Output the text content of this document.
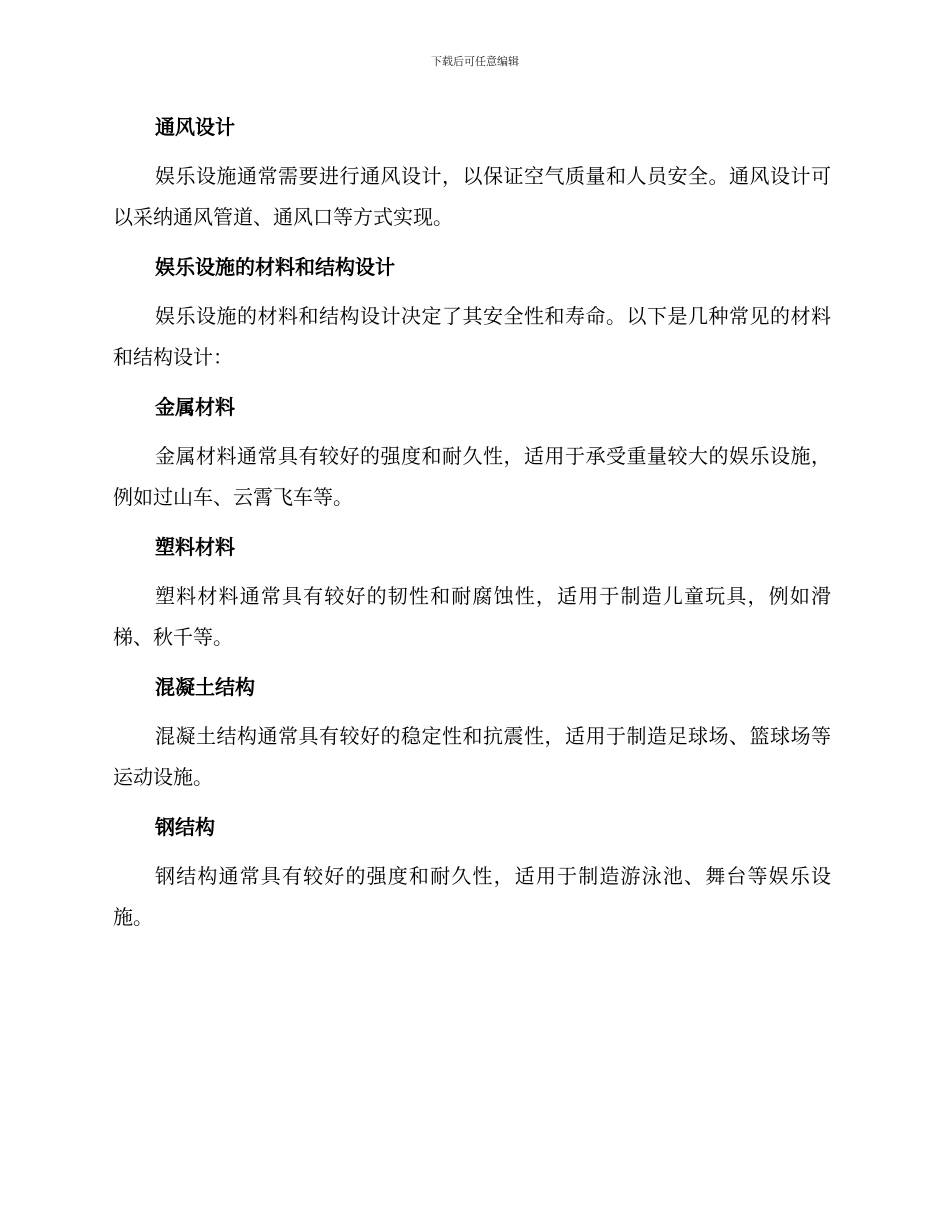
下载后可任意编辑
通风设计

娱乐设施通常需要进行通风设计，以保证空气质量和人员安全。通风设计可以采纳通风管道、通风口等方式实现。

娱乐设施的材料和结构设计

娱乐设施的材料和结构设计决定了其安全性和寿命。以下是几种常见的材料和结构设计：

金属材料

金属材料通常具有较好的强度和耐久性，适用于承受重量较大的娱乐设施，例如过山车、云霄飞车等。

塑料材料

塑料材料通常具有较好的韧性和耐腐蚀性，适用于制造儿童玩具，例如滑梯、秋千等。

混凝土结构

混凝土结构通常具有较好的稳定性和抗震性，适用于制造足球场、篮球场等运动设施。

钢结构

钢结构通常具有较好的强度和耐久性，适用于制造游泳池、舞台等娱乐设施。
